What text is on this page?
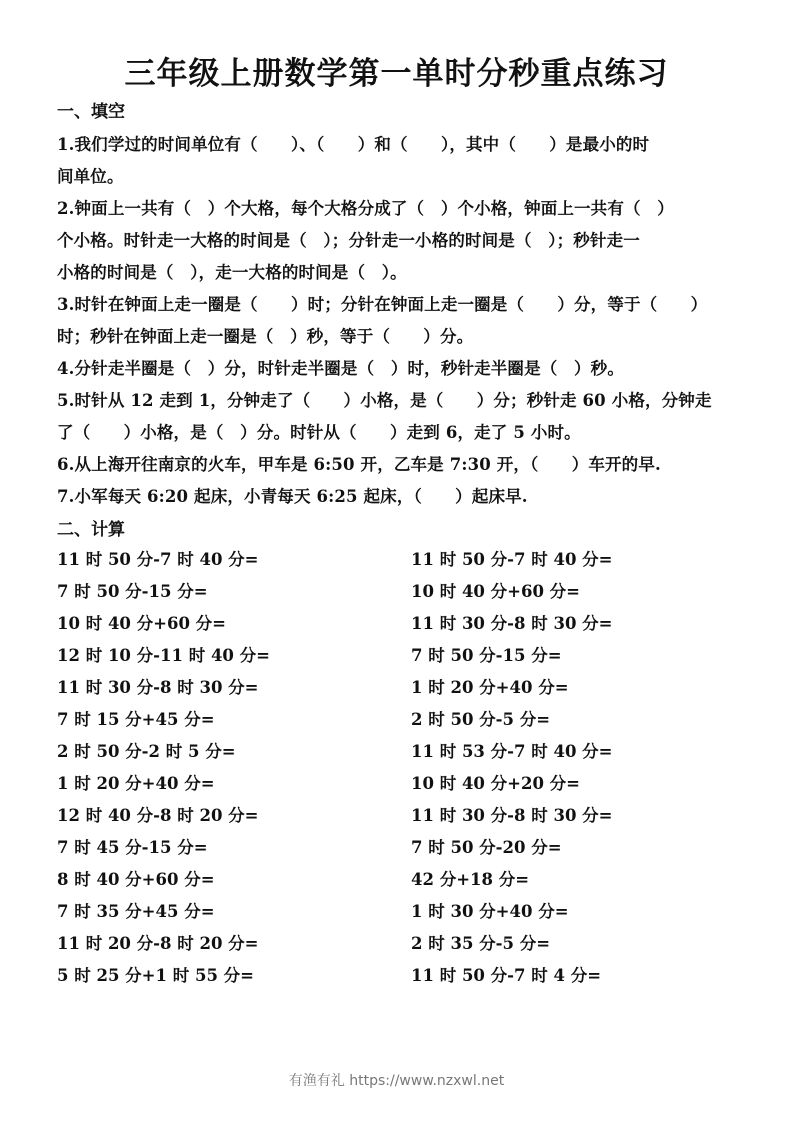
三年级上册数学第一单时分秒重点练习
一、填空
1.我们学过的时间单位有（　　）、（　　）和（　　），其中（　　）是最小的时
间单位。
2.钟面上一共有（　）个大格，每个大格分成了（　）个小格，钟面上一共有（　）
个小格。时针走一大格的时间是（　）；分针走一小格的时间是（　）；秒针走一
小格的时间是（　），走一大格的时间是（　）。
3.时针在钟面上走一圈是（　　）时；分针在钟面上走一圈是（　　）分，等于（　　）
时；秒针在钟面上走一圈是（　）秒，等于（　　）分。
4.分针走半圈是（　）分，时针走半圈是（　）时，秒针走半圈是（　）秒。
5.时针从 12 走到 1，分钟走了（　　）小格，是（　　）分；秒针走 60 小格，分钟走
了（　　）小格，是（　）分。时针从（　　）走到 6，走了 5 小时。
6.从上海开往南京的火车，甲车是 6:50 开，乙车是 7:30 开，（　　）车开的早.
7.小军每天 6:20 起床，小青每天 6:25 起床，（　　）起床早.
二、计算
11 时 50 分-7 时 40 分=
7 时 50 分-15 分=
10 时 40 分+60 分=
12 时 10 分-11 时 40 分=
11 时 30 分-8 时 30 分=
7 时 15 分+45 分=
2 时 50 分-2 时 5 分=
1 时 20 分+40 分=
12 时 40 分-8 时 20 分=
7 时 45 分-15 分=
8 时 40 分+60 分=
7 时 35 分+45 分=
11 时 20 分-8 时 20 分=
5 时 25 分+1 时 55 分=
11 时 50 分-7 时 40 分=
10 时 40 分+60 分=
11 时 30 分-8 时 30 分=
7 时 50 分-15 分=
1 时 20 分+40 分=
2 时 50 分-5 分=
11 时 53 分-7 时 40 分=
10 时 40 分+20 分=
11 时 30 分-8 时 30 分=
7 时 50 分-20 分=
42 分+18 分=
1 时 30 分+40 分=
2 时 35 分-5 分=
11 时 50 分-7 时 4 分=
有渔有礼 https://www.nzxwl.net
